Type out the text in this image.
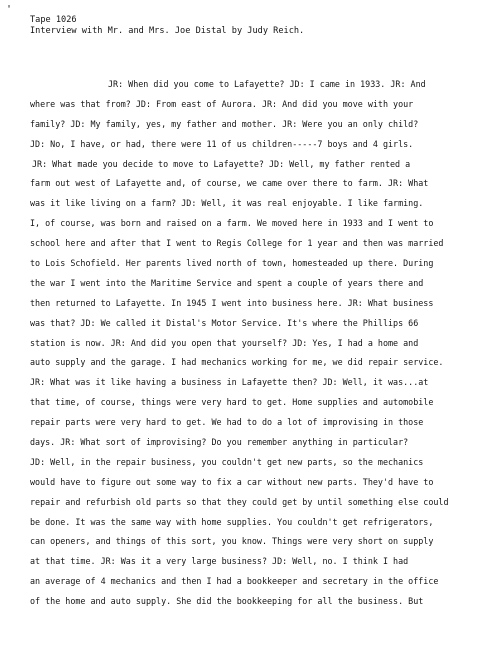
'
Tape 1026
Interview with Mr. and Mrs. Joe Distal by Judy Reich.
JR: When did you come to Lafayette? JD: I came in 1933. JR: And
where was that from? JD: From east of Aurora. JR: And did you move with your
family? JD: My family, yes, my father and mother. JR: Were you an only child?
JD: No, I have, or had, there were 11 of us children-----7 boys and 4 girls.
JR: What made you decide to move to Lafayette? JD: Well, my father rented a
farm out west of Lafayette and, of course, we came over there to farm. JR: What
was it like living on a farm? JD: Well, it was real enjoyable. I like farming.
I, of course, was born and raised on a farm. We moved here in 1933 and I went to
school here and after that I went to Regis College for 1 year and then was married
to Lois Schofield. Her parents lived north of town, homesteaded up there. During
the war I went into the Maritime Service and spent a couple of years there and
then returned to Lafayette. In 1945 I went into business here. JR: What business
was that? JD: We called it Distal's Motor Service. It's where the Phillips 66
station is now. JR: And did you open that yourself? JD: Yes, I had a home and
auto supply and the garage. I had mechanics working for me, we did repair service.
JR: What was it like having a business in Lafayette then? JD: Well, it was...at
that time, of course, things were very hard to get. Home supplies and automobile
repair parts were very hard to get. We had to do a lot of improvising in those
days. JR: What sort of improvising? Do you remember anything in particular?
JD: Well, in the repair business, you couldn't get new parts, so the mechanics
would have to figure out some way to fix a car without new parts. They'd have to
repair and refurbish old parts so that they could get by until something else could
be done. It was the same way with home supplies. You couldn't get refrigerators,
can openers, and things of this sort, you know. Things were very short on supply
at that time. JR: Was it a very large business? JD: Well, no. I think I had
an average of 4 mechanics and then I had a bookkeeper and secretary in the office
of the home and auto supply. She did the bookkeeping for all the business. But
